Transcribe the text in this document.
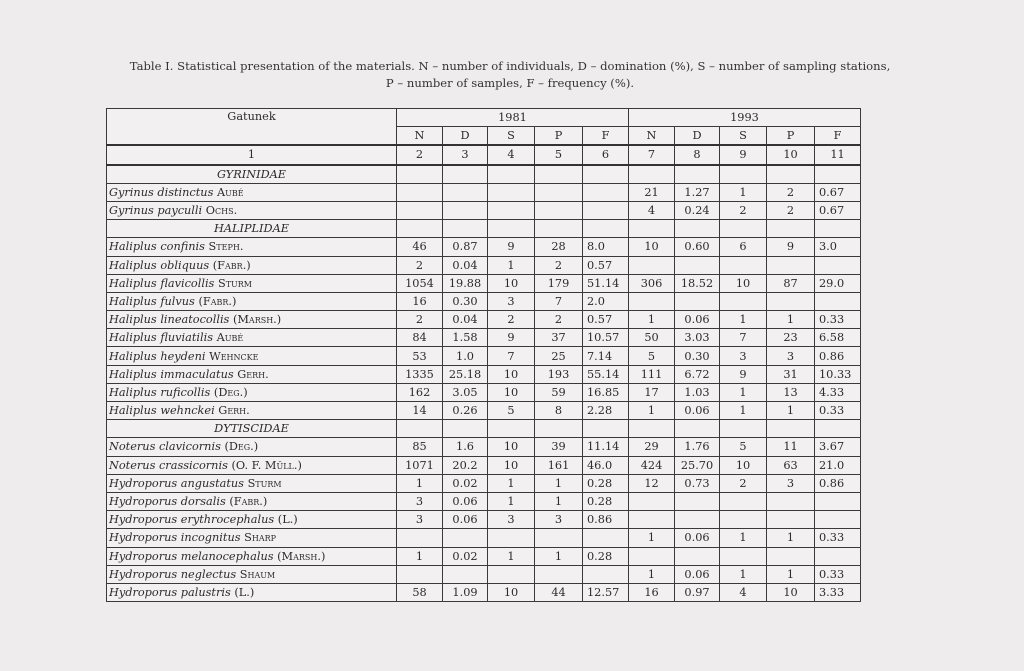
Table I. Statistical presentation of the materials. N – number of individuals, D – domination (%), S – number of sampling stations,
P – number of samples, F – frequency (%).
Gatunek	1981					1993				
	N	D	S	P	F	N	D	S	P	F
1	2	3	4	5	6	7	8	9	10	11
GYRINIDAE										
Gyrinus distinctus Aubé						21	1.27	1	2	0.67
Gyrinus payculli Ochs.						4	0.24	2	2	0.67
HALIPLIDAE										
Haliplus confinis Steph.	46	0.87	9	28	8.0	10	0.60	6	9	3.0
Haliplus obliquus (Fabr.)	2	0.04	1	2	0.57					
Haliplus flavicollis Sturm	1054	19.88	10	179	51.14	306	18.52	10	87	29.0
Haliplus fulvus (Fabr.)	16	0.30	3	7	2.0					
Haliplus lineatocollis (Marsh.)	2	0.04	2	2	0.57	1	0.06	1	1	0.33
Haliplus fluviatilis Aubé	84	1.58	9	37	10.57	50	3.03	7	23	6.58
Haliplus heydeni Wehncke	53	1.0	7	25	7.14	5	0.30	3	3	0.86
Haliplus immaculatus Gerh.	1335	25.18	10	193	55.14	111	6.72	9	31	10.33
Haliplus ruficollis (Deg.)	162	3.05	10	59	16.85	17	1.03	1	13	4.33
Haliplus wehnckei Gerh.	14	0.26	5	8	2.28	1	0.06	1	1	0.33
DYTISCIDAE										
Noterus clavicornis (Deg.)	85	1.6	10	39	11.14	29	1.76	5	11	3.67
Noterus crassicornis (O. F. Müll.)	1071	20.2	10	161	46.0	424	25.70	10	63	21.0
Hydroporus angustatus Sturm	1	0.02	1	1	0.28	12	0.73	2	3	0.86
Hydroporus dorsalis (Fabr.)	3	0.06	1	1	0.28					
Hydroporus erythrocephalus (L.)	3	0.06	3	3	0.86					
Hydroporus incognitus Sharp						1	0.06	1	1	0.33
Hydroporus melanocephalus (Marsh.)	1	0.02	1	1	0.28					
Hydroporus neglectus Shaum						1	0.06	1	1	0.33
Hydroporus palustris (L.)	58	1.09	10	44	12.57	16	0.97	4	10	3.33
